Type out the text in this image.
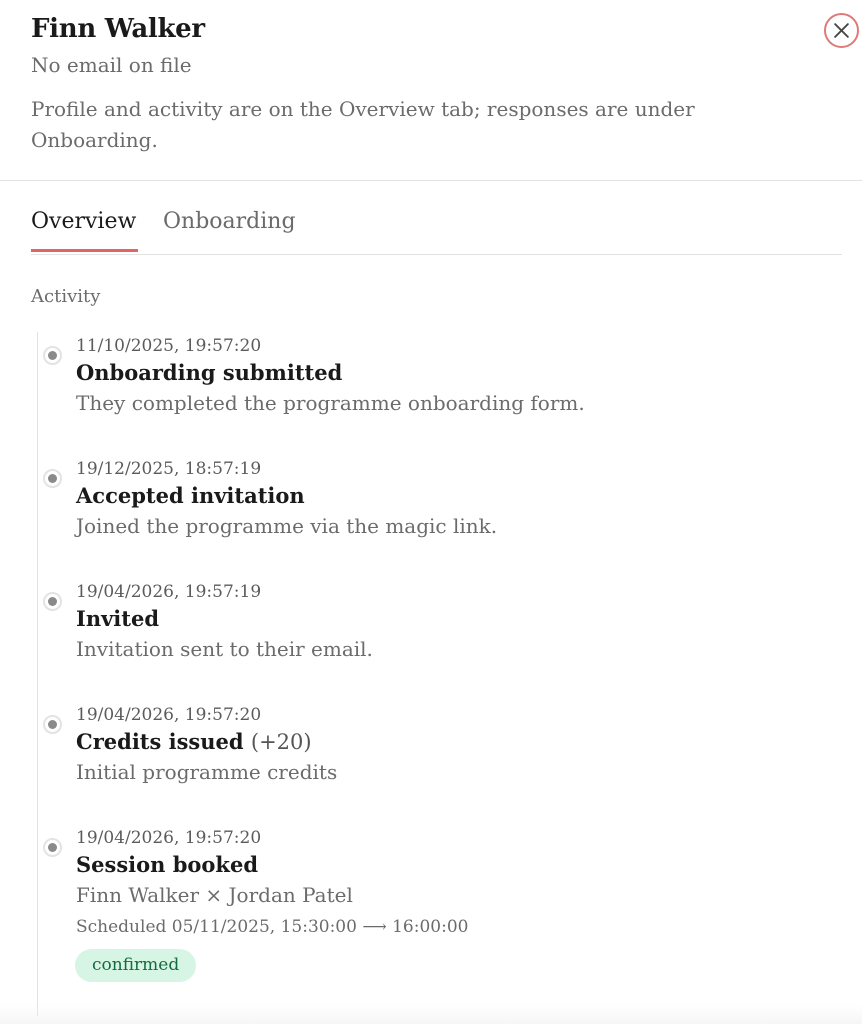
Finn Walker
No email on file
Profile and activity are on the Overview tab; responses are under Onboarding.
Overview Onboarding
Activity
11/10/2025, 19:57:20
Onboarding submitted
They completed the programme onboarding form.
19/12/2025, 18:57:19
Accepted invitation
Joined the programme via the magic link.
19/04/2026, 19:57:19
Invited
Invitation sent to their email.
19/04/2026, 19:57:20
Credits issued (+20)
Initial programme credits
19/04/2026, 19:57:20
Session booked
Finn Walker × Jordan Patel
Scheduled 05/11/2025, 15:30:00 ⟶ 16:00:00
confirmed
